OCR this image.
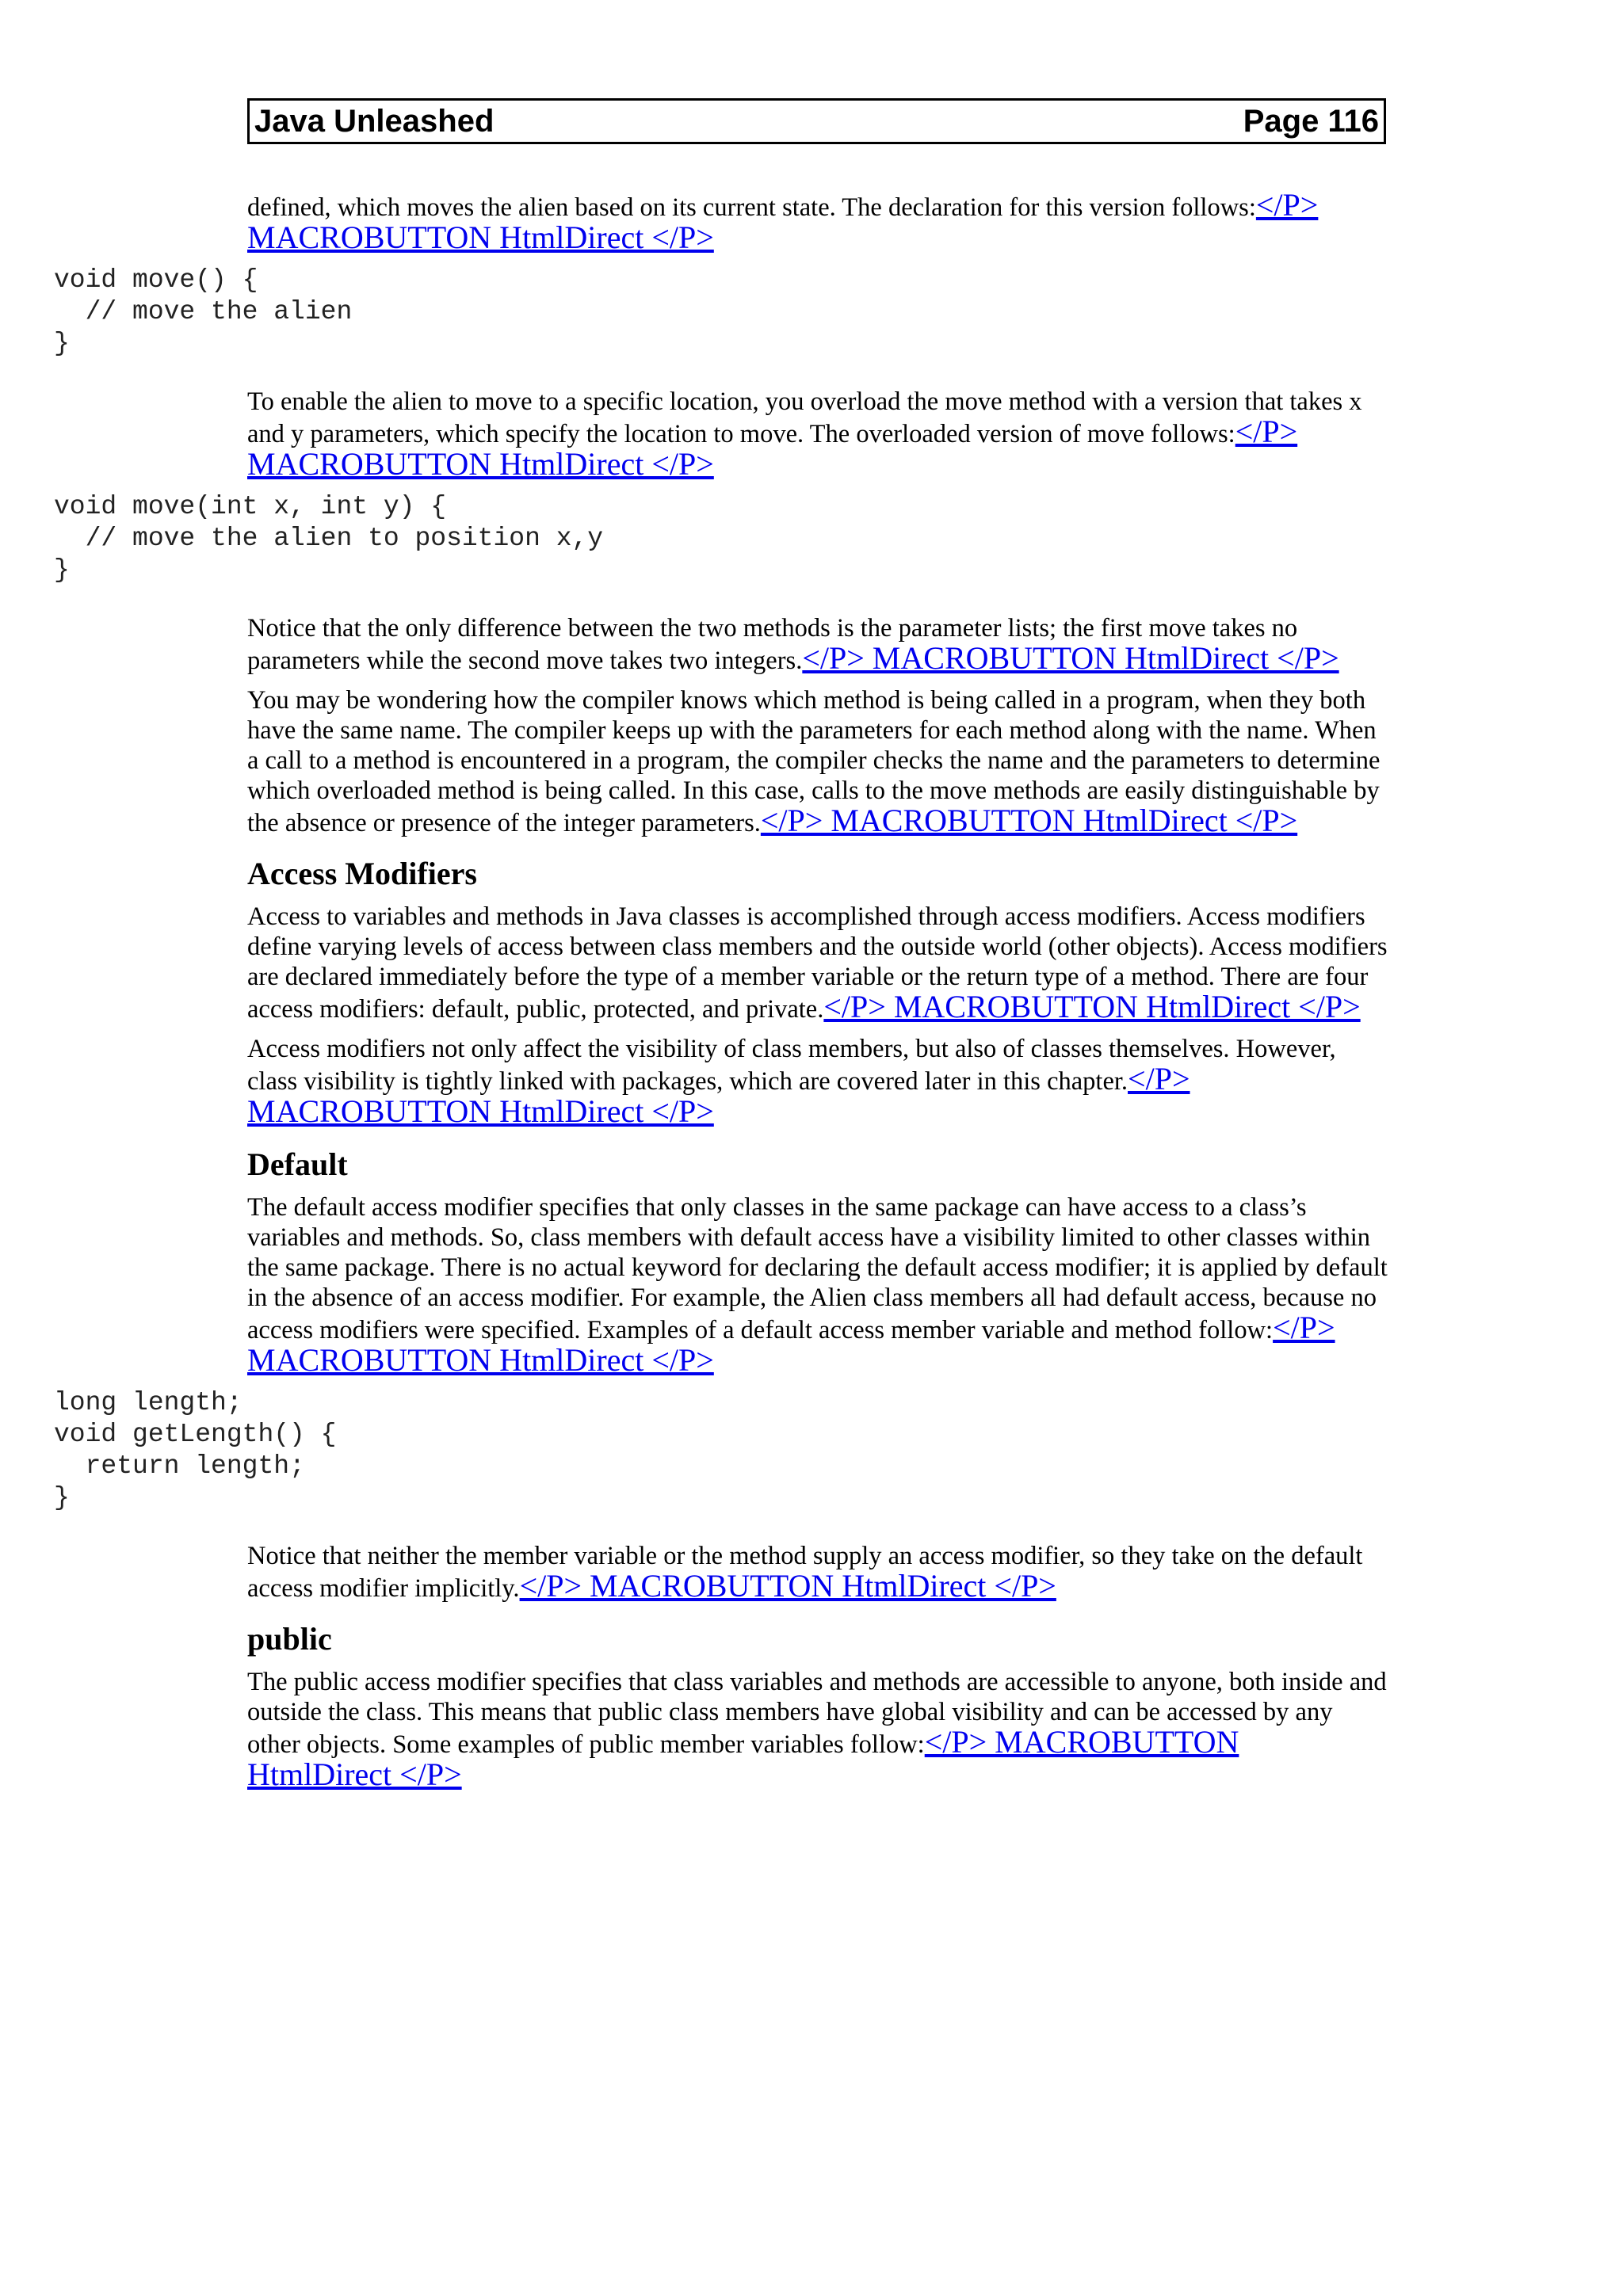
Java Unleashed	Page 116

defined, which moves the alien based on its current state. The declaration for this version follows:</P> MACROBUTTON HtmlDirect </P>

void move() {
// move the alien
}

To enable the alien to move to a specific location, you overload the move method with a version that takes x and y parameters, which specify the location to move. The overloaded version of move follows:</P> MACROBUTTON HtmlDirect </P>

void move(int x, int y) {
// move the alien to position x,y
}

Notice that the only difference between the two methods is the parameter lists; the first move takes no parameters while the second move takes two integers.</P> MACROBUTTON HtmlDirect </P>

You may be wondering how the compiler knows which method is being called in a program, when they both have the same name. The compiler keeps up with the parameters for each method along with the name. When a call to a method is encountered in a program, the compiler checks the name and the parameters to determine which overloaded method is being called. In this case, calls to the move methods are easily distinguishable by the absence or presence of the integer parameters.</P> MACROBUTTON HtmlDirect </P>

Access Modifiers

Access to variables and methods in Java classes is accomplished through access modifiers. Access modifiers define varying levels of access between class members and the outside world (other objects). Access modifiers are declared immediately before the type of a member variable or the return type of a method. There are four access modifiers: default, public, protected, and private.</P> MACROBUTTON HtmlDirect </P>

Access modifiers not only affect the visibility of class members, but also of classes themselves. However, class visibility is tightly linked with packages, which are covered later in this chapter.</P> MACROBUTTON HtmlDirect </P>

Default

The default access modifier specifies that only classes in the same package can have access to a class’s variables and methods. So, class members with default access have a visibility limited to other classes within the same package. There is no actual keyword for declaring the default access modifier; it is applied by default in the absence of an access modifier. For example, the Alien class members all had default access, because no access modifiers were specified. Examples of a default access member variable and method follow:</P> MACROBUTTON HtmlDirect </P>

long length;
void getLength() {
return length;
}

Notice that neither the member variable or the method supply an access modifier, so they take on the default access modifier implicitly.</P> MACROBUTTON HtmlDirect </P>

public

The public access modifier specifies that class variables and methods are accessible to anyone, both inside and outside the class. This means that public class members have global visibility and can be accessed by any other objects. Some examples of public member variables follow:</P> MACROBUTTON HtmlDirect </P>
